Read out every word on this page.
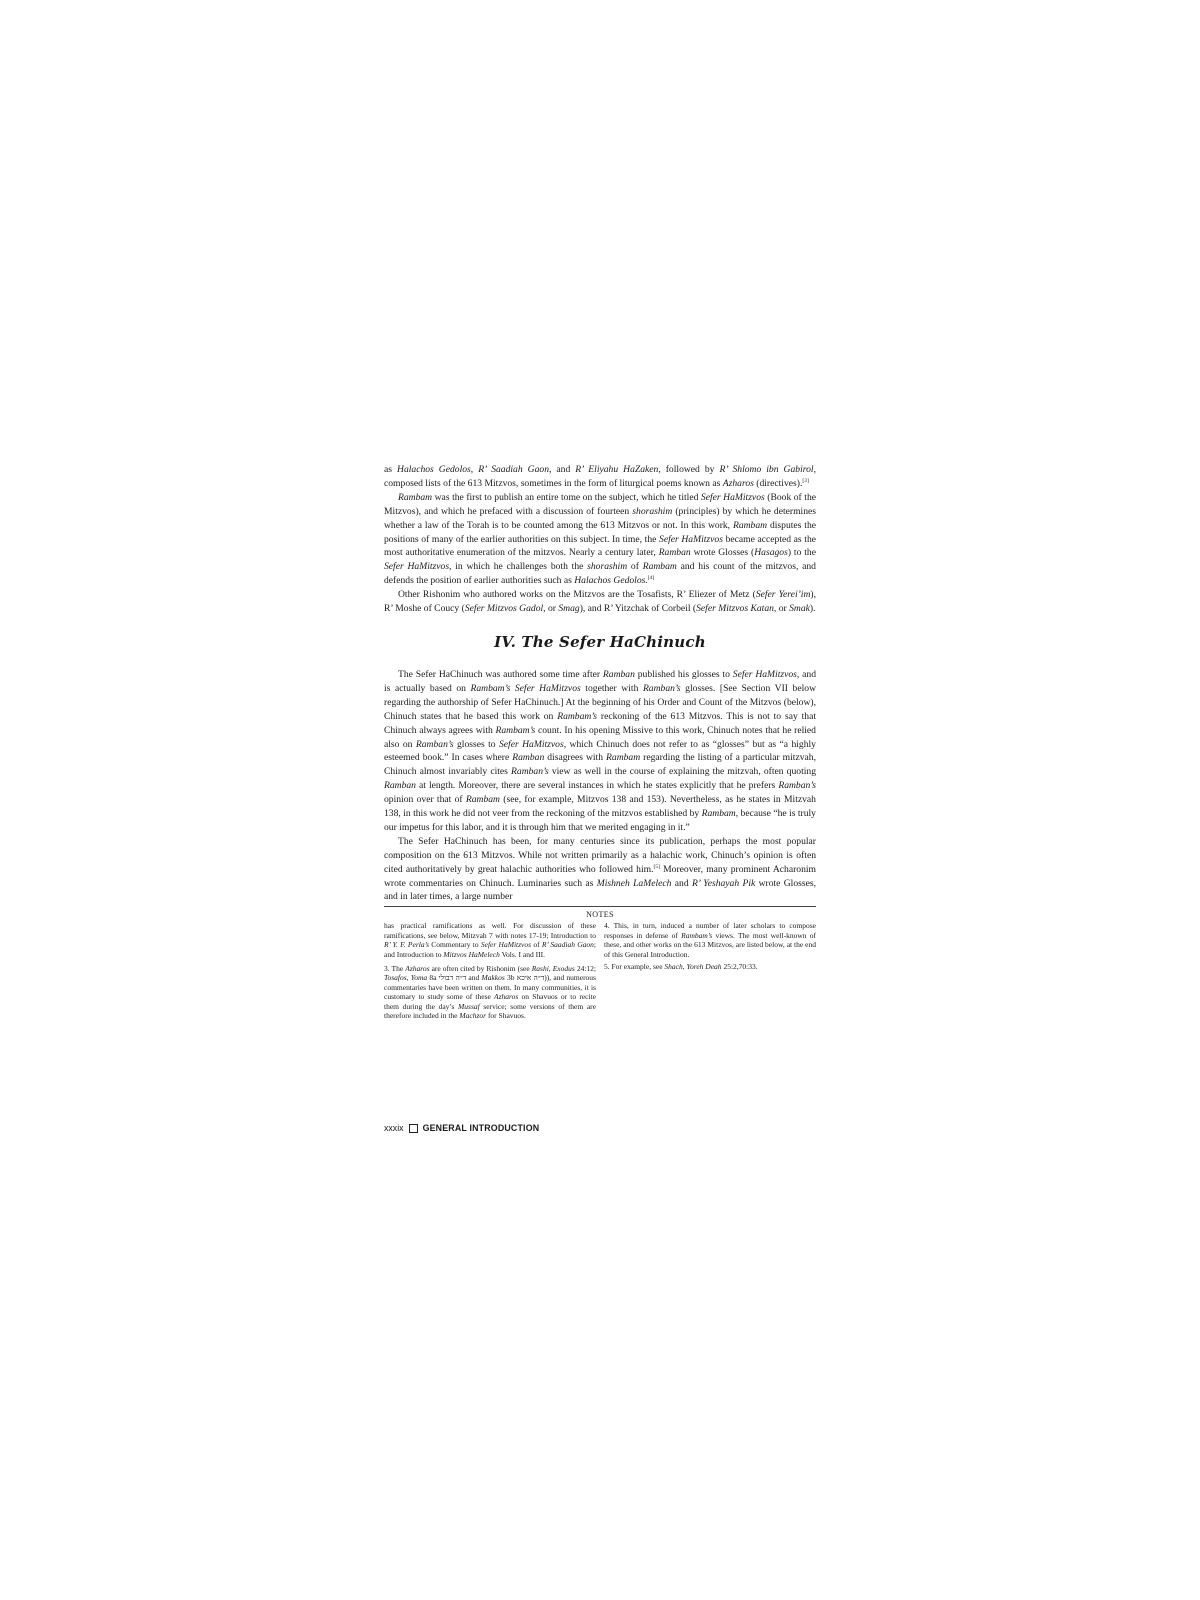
as Halachos Gedolos, R’ Saadiah Gaon, and R’ Eliyahu HaZaken, followed by R’ Shlomo ibn Gabirol, composed lists of the 613 Mitzvos, sometimes in the form of liturgical poems known as Azharos (directives).[3]

Rambam was the first to publish an entire tome on the subject, which he titled Sefer HaMitzvos (Book of the Mitzvos), and which he prefaced with a discussion of fourteen shorashim (principles) by which he determines whether a law of the Torah is to be counted among the 613 Mitzvos or not. In this work, Rambam disputes the positions of many of the earlier authorities on this subject. In time, the Sefer HaMitzvos became accepted as the most authoritative enumeration of the mitzvos. Nearly a century later, Ramban wrote Glosses (Hasagos) to the Sefer HaMitzvos, in which he challenges both the shorashim of Rambam and his count of the mitzvos, and defends the position of earlier authorities such as Halachos Gedolos.[4]

Other Rishonim who authored works on the Mitzvos are the Tosafists, R’ Eliezer of Metz (Sefer Yerei’im), R’ Moshe of Coucy (Sefer Mitzvos Gadol, or Smag), and R’ Yitzchak of Corbeil (Sefer Mitzvos Katan, or Smak).

IV. The Sefer HaChinuch

The Sefer HaChinuch was authored some time after Ramban published his glosses to Sefer HaMitzvos, and is actually based on Rambam’s Sefer HaMitzvos together with Ramban’s glosses. [See Section VII below regarding the authorship of Sefer HaChinuch.] At the beginning of his Order and Count of the Mitzvos (below), Chinuch states that he based this work on Rambam’s reckoning of the 613 Mitzvos. This is not to say that Chinuch always agrees with Rambam’s count. In his opening Missive to this work, Chinuch notes that he relied also on Ramban’s glosses to Sefer HaMitzvos, which Chinuch does not refer to as “glosses” but as “a highly esteemed book.” In cases where Ramban disagrees with Rambam regarding the listing of a particular mitzvah, Chinuch almost invariably cites Ramban’s view as well in the course of explaining the mitzvah, often quoting Ramban at length. Moreover, there are several instances in which he states explicitly that he prefers Ramban’s opinion over that of Rambam (see, for example, Mitzvos 138 and 153). Nevertheless, as he states in Mitzvah 138, in this work he did not veer from the reckoning of the mitzvos established by Rambam, because “he is truly our impetus for this labor, and it is through him that we merited engaging in it.”

The Sefer HaChinuch has been, for many centuries since its publication, perhaps the most popular composition on the 613 Mitzvos. While not written primarily as a halachic work, Chinuch’s opinion is often cited authoritatively by great halachic authorities who followed him.[5] Moreover, many prominent Acharonim wrote commentaries on Chinuch. Luminaries such as Mishneh LaMelech and R’ Yeshayah Pik wrote Glosses, and in later times, a large number

NOTES

has practical ramifications as well. For discussion of these ramifications, see below, Mitzvah 7 with notes 17-19; Introduction to R’ Y. F. Perla’s Commentary to Sefer HaMitzvos of R’ Saadiah Gaon; and Introduction to Mitzvos HaMelech Vols. I and III.

3. The Azharos are often cited by Rishonim (see Rashi, Exodus 24:12; Tosafos, Yoma 8a ד״ה דבולי and Makkos 3b (ד״ה איכא), and numerous commentaries have been written on them. In many communities, it is customary to study some of these Azharos on Shavuos or to recite them during the day’s Mussaf service; some versions of them are therefore included in the Machzor for Shavuos.

4. This, in turn, induced a number of later scholars to compose responses in defense of Rambam’s views. The most well-known of these, and other works on the 613 Mitzvos, are listed below, at the end of this General Introduction.

5. For example, see Shach, Yoreh Deah 25:2,70:33.

xxxix GENERAL INTRODUCTION
